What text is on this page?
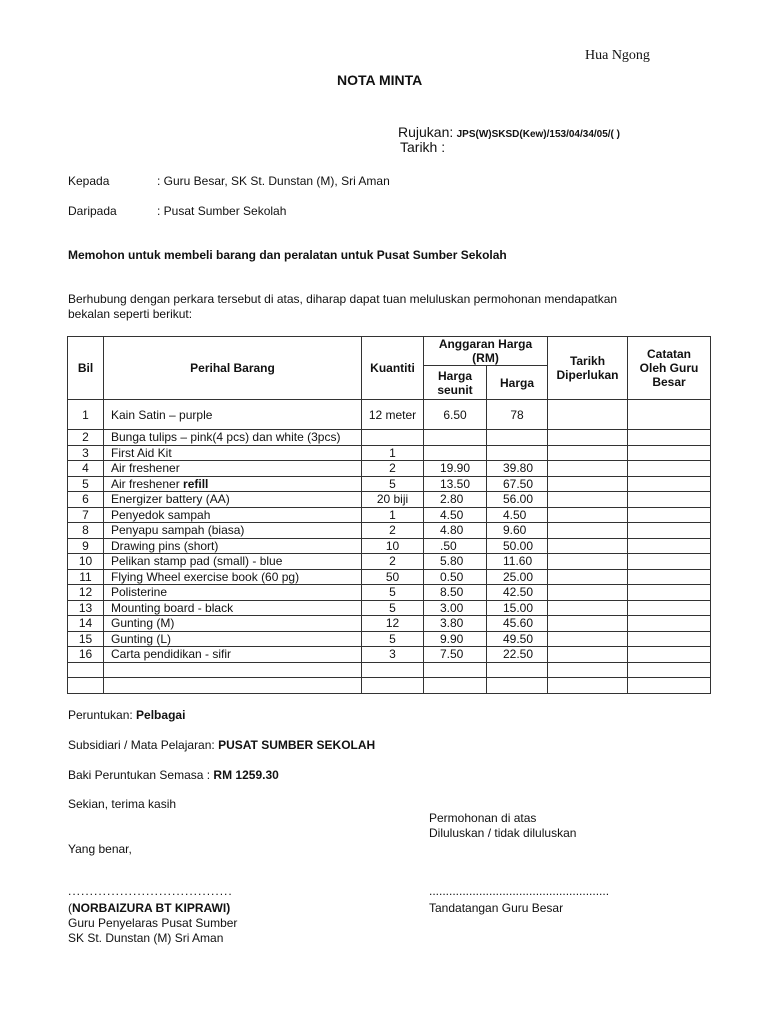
Hua Ngong
NOTA MINTA
Rujukan: JPS(W)SKSD(Kew)/153/04/34/05/( )
Tarikh :
Kepada	: Guru Besar, SK St. Dunstan (M), Sri Aman
Daripada	: Pusat Sumber Sekolah
Memohon untuk membeli barang dan peralatan untuk Pusat Sumber Sekolah
Berhubung dengan perkara tersebut di atas, diharap dapat tuan meluluskan permohonan mendapatkan
bekalan seperti berikut:
Bil	Perihal Barang	Kuantiti	Anggaran Harga (RM)		Tarikh Diperlukan	Catatan Oleh Guru Besar
			Harga seunit	Harga		
1	Kain Satin – purple	12 meter	6.50	78		
2	Bunga tulips – pink(4 pcs) dan white (3pcs)					
3	First Aid Kit	1				
4	Air freshener	2	19.90	39.80		
5	Air freshener refill	5	13.50	67.50		
6	Energizer battery (AA)	20 biji	2.80	56.00		
7	Penyedok sampah	1	4.50	4.50		
8	Penyapu sampah (biasa)	2	4.80	9.60		
9	Drawing pins (short)	10	.50	50.00		
10	Pelikan stamp pad (small) - blue	2	5.80	11.60		
11	Flying Wheel exercise book (60 pg)	50	0.50	25.00		
12	Polisterine	5	8.50	42.50		
13	Mounting board - black	5	3.00	15.00		
14	Gunting (M)	12	3.80	45.60		
15	Gunting (L)	5	9.90	49.50		
16	Carta pendidikan - sifir	3	7.50	22.50		

Peruntukan: Pelbagai
Subsidiari / Mata Pelajaran: PUSAT SUMBER SEKOLAH
Baki Peruntukan Semasa : RM 1259.30
Sekian, terima kasih
Permohonan di atas
Diluluskan / tidak diluluskan
Yang benar,
......................................	......................................................
(NORBAIZURA BT KIPRAWI)	Tandatangan Guru Besar
Guru Penyelaras Pusat Sumber
SK St. Dunstan (M) Sri Aman
